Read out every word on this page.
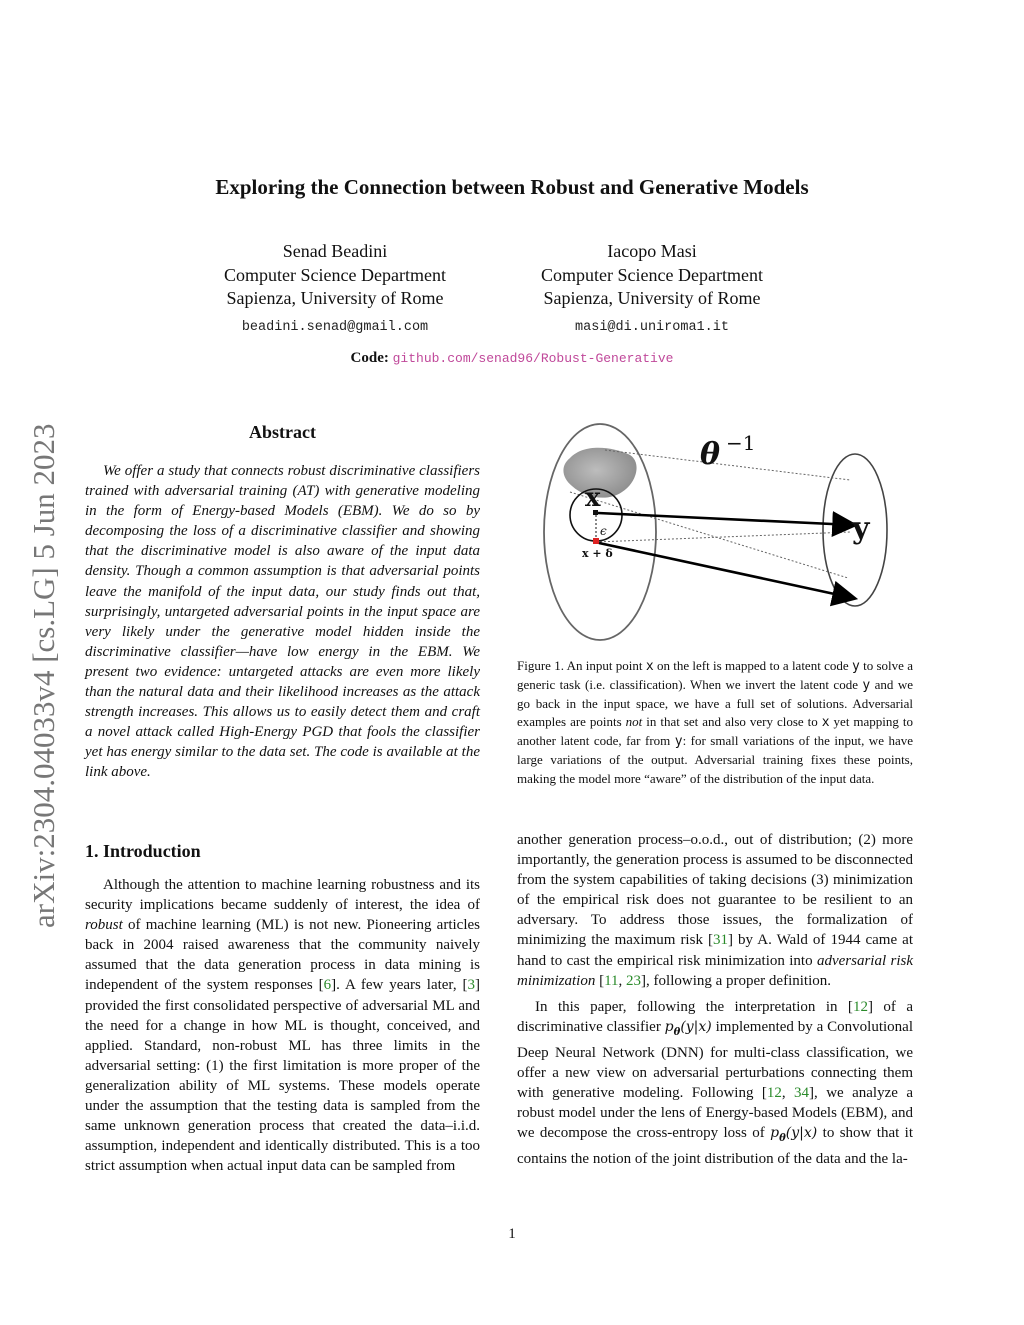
arXiv:2304.04033v4 [cs.LG] 5 Jun 2023
Exploring the Connection between Robust and Generative Models
Senad Beadini
Computer Science Department
Sapienza, University of Rome
beadini.senad@gmail.com
Iacopo Masi
Computer Science Department
Sapienza, University of Rome
masi@di.uniroma1.it
Code: github.com/senad96/Robust-Generative
Abstract

We offer a study that connects robust discriminative classifiers trained with adversarial training (AT) with generative modeling in the form of Energy-based Models (EBM). We do so by decomposing the loss of a discriminative classifier and showing that the discriminative model is also aware of the input data density. Though a common assumption is that adversarial points leave the manifold of the input data, our study finds out that, surprisingly, untargeted adversarial points in the input space are very likely under the generative model hidden inside the discriminative classifier—have low energy in the EBM. We present two evidence: untargeted attacks are even more likely than the natural data and their likelihood increases as the attack strength increases. This allows us to easily detect them and craft a novel attack called High-Energy PGD that fools the classifier yet has energy similar to the data set. The code is available at the link above.

1. Introduction

Although the attention to machine learning robustness and its security implications became suddenly of interest, the idea of robust of machine learning (ML) is not new. Pioneering articles back in 2004 raised awareness that the community naively assumed that the data generation process in data mining is independent of the system responses [6]. A few years later, [3] provided the first consolidated perspective of adversarial ML and the need for a change in how ML is thought, conceived, and applied. Standard, non-robust ML has three limits in the adversarial setting: (1) the first limitation is more proper of the generalization ability of ML systems. These models operate under the assumption that the testing data is sampled from the same unknown generation process that created the data–i.i.d. assumption, independent and identically distributed. This is a too strict assumption when actual input data can be sampled from

θ −1
x
y
ϵ
x + δ
Figure 1. An input point x on the left is mapped to a latent code y to solve a generic task (i.e. classification). When we invert the latent code y and we go back in the input space, we have a full set of solutions. Adversarial examples are points not in that set and also very close to x yet mapping to another latent code, far from y: for small variations of the input, we have large variations of the output. Adversarial training fixes these points, making the model more “aware” of the distribution of the input data.

another generation process–o.o.d., out of distribution; (2) more importantly, the generation process is assumed to be disconnected from the system capabilities of taking decisions (3) minimization of the empirical risk does not guarantee to be resilient to an adversary. To address those issues, the formalization of minimizing the maximum risk [31] by A. Wald of 1944 came at hand to cast the empirical risk minimization into adversarial risk minimization [11, 23], following a proper definition.

In this paper, following the interpretation in [12] of a discriminative classifier $p_\theta(y|x)$ implemented by a Convolutional Deep Neural Network (DNN) for multi-class classification, we offer a new view on adversarial perturbations connecting them with generative modeling. Following [12, 34], we analyze a robust model under the lens of Energy-based Models (EBM), and we decompose the cross-entropy loss of $p_\theta(y|x)$ to show that it contains the notion of the joint distribution of the data and the la-

1
